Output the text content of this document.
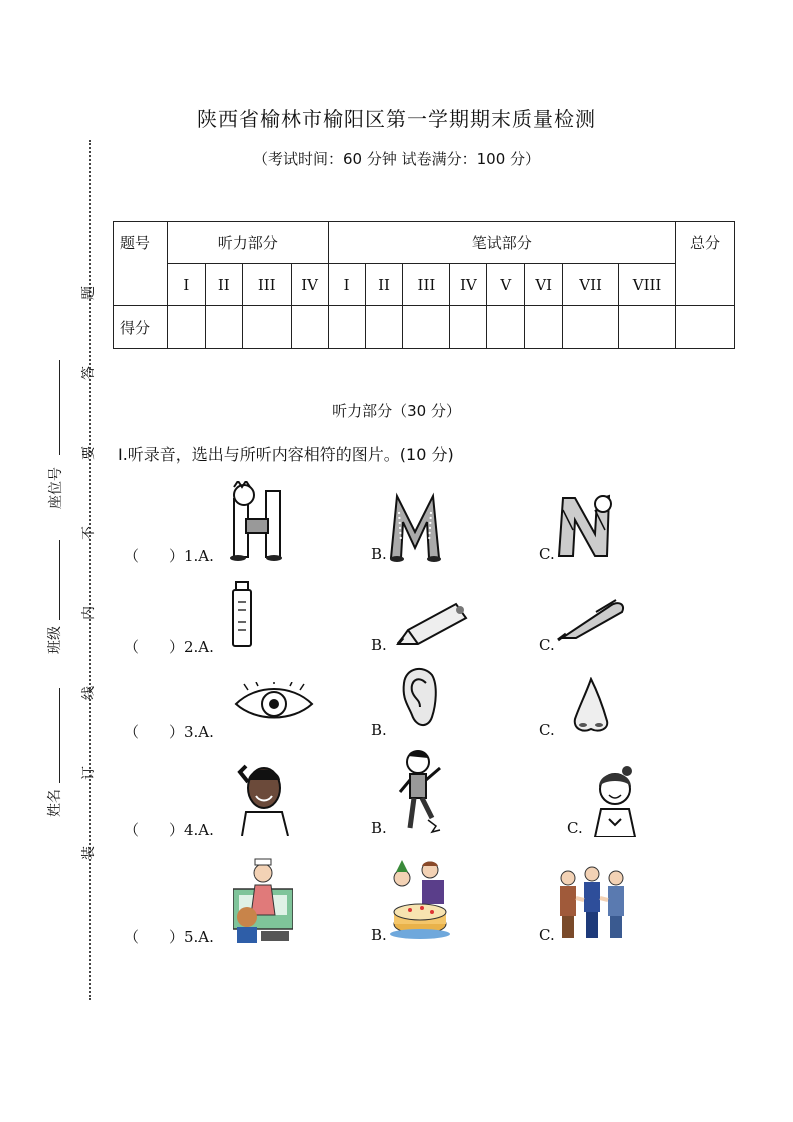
题
答
要
不
内
线
订
装
座位号
班级
姓名
陕西省榆林市榆阳区第一学期期末质量检测
（考试时间：60 分钟 试卷满分：100 分）
题号	听力部分				笔试部分								总分
	I	II	III	IV	I	II	III	IV	V	VI	VII	VIII	
得分													
听力部分（30 分）
I.听录音，选出与所听内容相符的图片。(10 分)
（　　）1.A.	B.	C.
（　　）2.A.	B.	C.
（　　）3.A.	B.	C.
（　　）4.A.	B.	C.
（　　）5.A.	B.	C.
